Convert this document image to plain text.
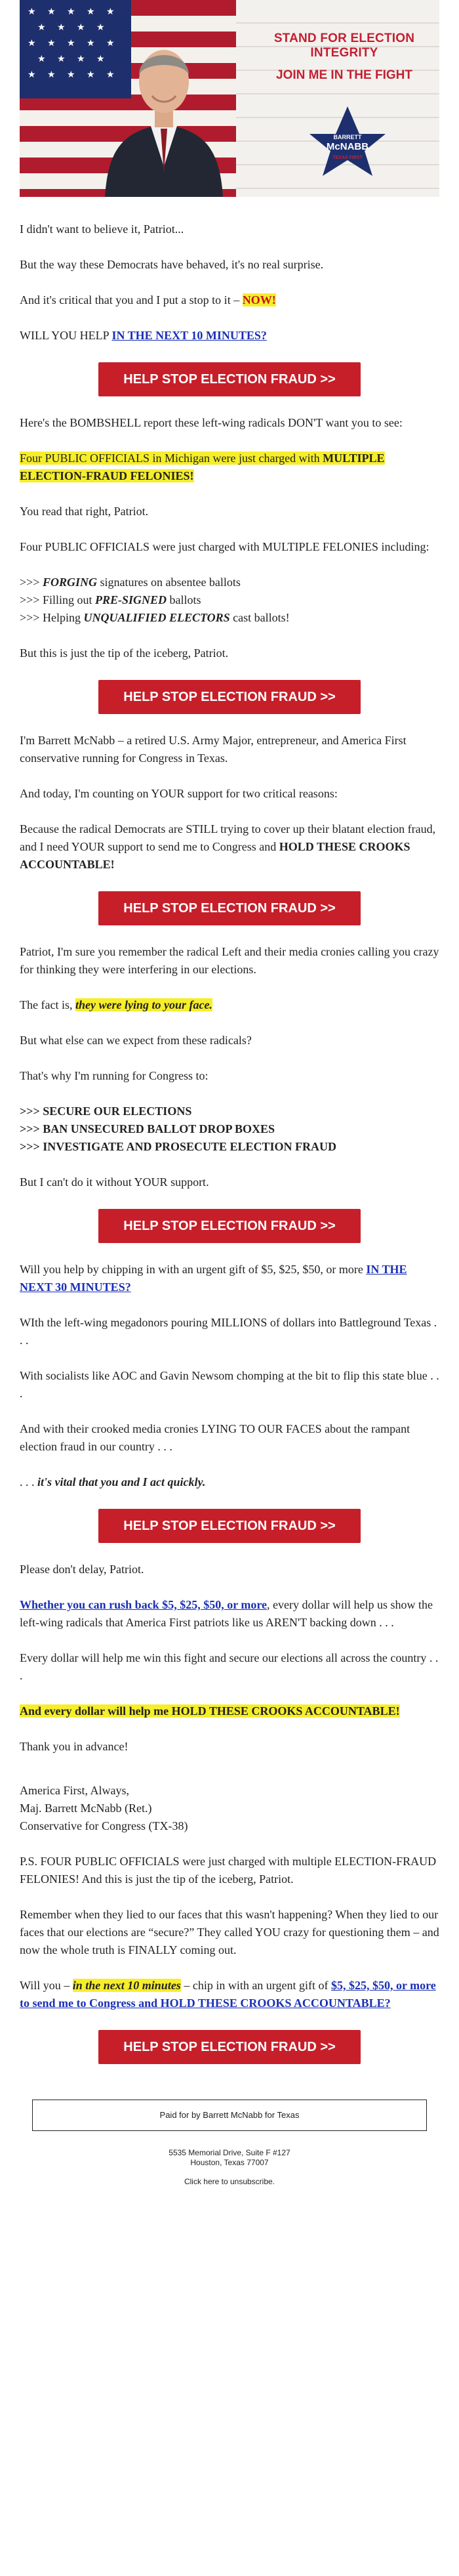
★ ★ ★ ★ ★
★ ★ ★ ★
★ ★ ★ ★ ★
★ ★ ★ ★
★ ★ ★ ★ ★
STAND FOR ELECTION INTEGRITY
JOIN ME IN THE FIGHT
BARRETT
McNABB
TEXAS FIRST

I didn't want to believe it, Patriot...

But the way these Democrats have behaved, it's no real surprise.

And it's critical that you and I put a stop to it – NOW!

WILL YOU HELP IN THE NEXT 10 MINUTES?

HELP STOP ELECTION FRAUD >>

Here's the BOMBSHELL report these left-wing radicals DON'T want you to see:

Four PUBLIC OFFICIALS in Michigan were just charged with MULTIPLE ELECTION-FRAUD FELONIES!

You read that right, Patriot.

Four PUBLIC OFFICIALS were just charged with MULTIPLE FELONIES including:

>>> FORGING signatures on absentee ballots

>>> Filling out PRE-SIGNED ballots

>>> Helping UNQUALIFIED ELECTORS cast ballots!

But this is just the tip of the iceberg, Patriot.

HELP STOP ELECTION FRAUD >>

I'm Barrett McNabb – a retired U.S. Army Major, entrepreneur, and America First conservative running for Congress in Texas.

And today, I'm counting on YOUR support for two critical reasons:

Because the radical Democrats are STILL trying to cover up their blatant election fraud, and I need YOUR support to send me to Congress and HOLD THESE CROOKS ACCOUNTABLE!

HELP STOP ELECTION FRAUD >>

Patriot, I'm sure you remember the radical Left and their media cronies calling you crazy for thinking they were interfering in our elections.

The fact is, they were lying to your face.

But what else can we expect from these radicals?

That's why I'm running for Congress to:

>>> SECURE OUR ELECTIONS

>>> BAN UNSECURED BALLOT DROP BOXES

>>> INVESTIGATE AND PROSECUTE ELECTION FRAUD

But I can't do it without YOUR support.

HELP STOP ELECTION FRAUD >>

Will you help by chipping in with an urgent gift of $5, $25, $50, or more IN THE NEXT 30 MINUTES?

WIth the left-wing megadonors pouring MILLIONS of dollars into Battleground Texas . . .

With socialists like AOC and Gavin Newsom chomping at the bit to flip this state blue . . .

And with their crooked media cronies LYING TO OUR FACES about the rampant election fraud in our country . . .

. . . it's vital that you and I act quickly.

HELP STOP ELECTION FRAUD >>

Please don't delay, Patriot.

Whether you can rush back $5, $25, $50, or more, every dollar will help us show the left-wing radicals that America First patriots like us AREN'T backing down . . .

Every dollar will help me win this fight and secure our elections all across the country . . .

And every dollar will help me HOLD THESE CROOKS ACCOUNTABLE!

Thank you in advance!

America First, Always,

Maj. Barrett McNabb (Ret.)

Conservative for Congress (TX-38)

P.S. FOUR PUBLIC OFFICIALS were just charged with multiple ELECTION-FRAUD FELONIES! And this is just the tip of the iceberg, Patriot.

Remember when they lied to our faces that this wasn't happening? When they lied to our faces that our elections are “secure?” They called YOU crazy for questioning them – and now the whole truth is FINALLY coming out.

Will you – in the next 10 minutes – chip in with an urgent gift of $5, $25, $50, or more to send me to Congress and HOLD THESE CROOKS ACCOUNTABLE?

HELP STOP ELECTION FRAUD >>
Paid for by Barrett McNabb for Texas
5535 Memorial Drive, Suite F #127
Houston, Texas 77007
Click here to unsubscribe.
